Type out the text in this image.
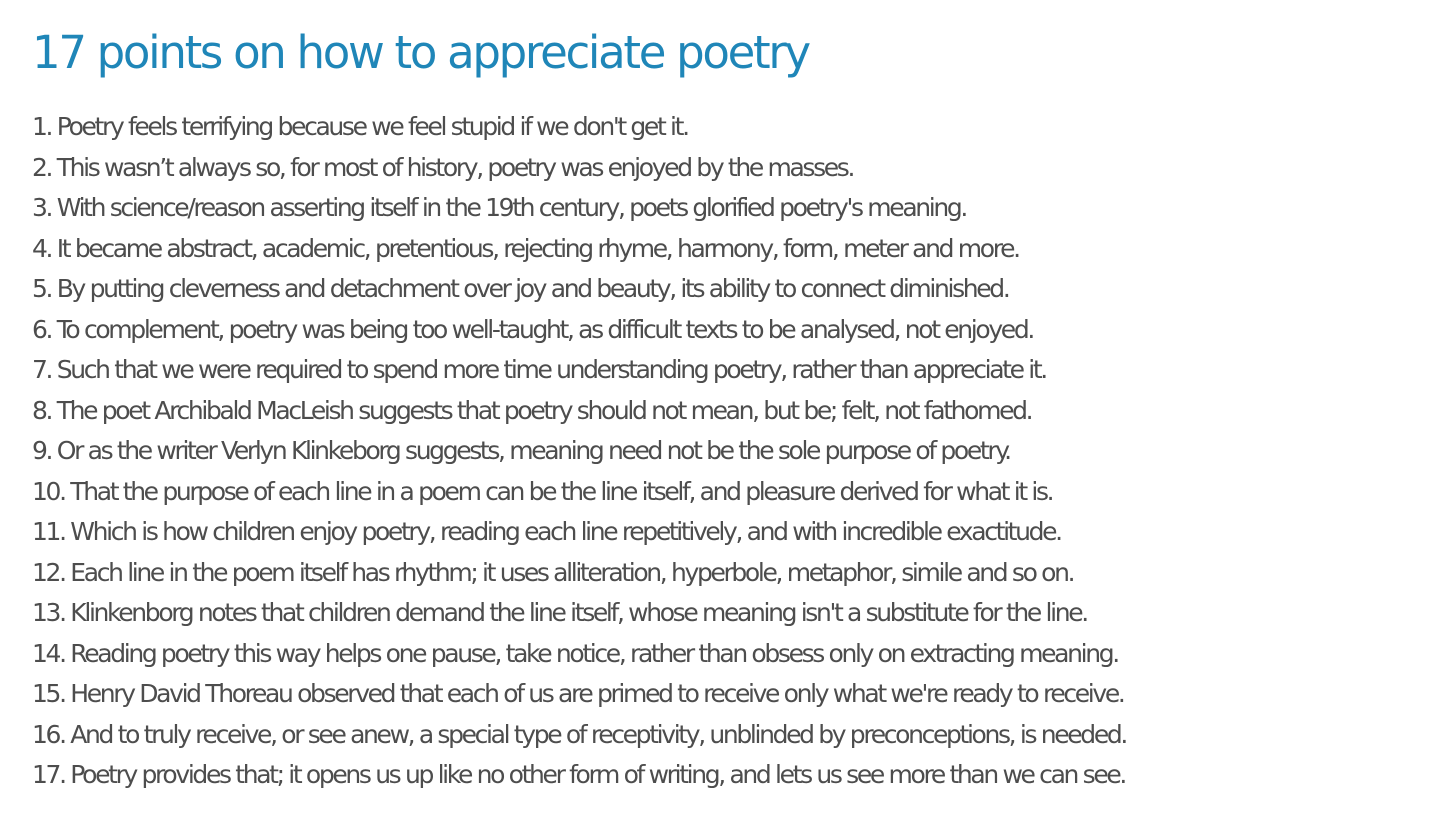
17 points on how to appreciate poetry
1. Poetry feels terrifying because we feel stupid if we don't get it.
2. This wasn’t always so, for most of history, poetry was enjoyed by the masses.
3. With science/reason asserting itself in the 19th century, poets glorified poetry's meaning.
4. It became abstract, academic, pretentious, rejecting rhyme, harmony, form, meter and more.
5. By putting cleverness and detachment over joy and beauty, its ability to connect diminished.
6. To complement, poetry was being too well-taught, as difficult texts to be analysed, not enjoyed.
7. Such that we were required to spend more time understanding poetry, rather than appreciate it.
8. The poet Archibald MacLeish suggests that poetry should not mean, but be; felt, not fathomed.
9. Or as the writer Verlyn Klinkeborg suggests, meaning need not be the sole purpose of poetry.
10. That the purpose of each line in a poem can be the line itself, and pleasure derived for what it is.
11. Which is how children enjoy poetry, reading each line repetitively, and with incredible exactitude.
12. Each line in the poem itself has rhythm; it uses alliteration, hyperbole, metaphor, simile and so on.
13. Klinkenborg notes that children demand the line itself, whose meaning isn't a substitute for the line.
14. Reading poetry this way helps one pause, take notice, rather than obsess only on extracting meaning.
15. Henry David Thoreau observed that each of us are primed to receive only what we're ready to receive.
16. And to truly receive, or see anew, a special type of receptivity, unblinded by preconceptions, is needed.
17. Poetry provides that; it opens us up like no other form of writing, and lets us see more than we can see.
